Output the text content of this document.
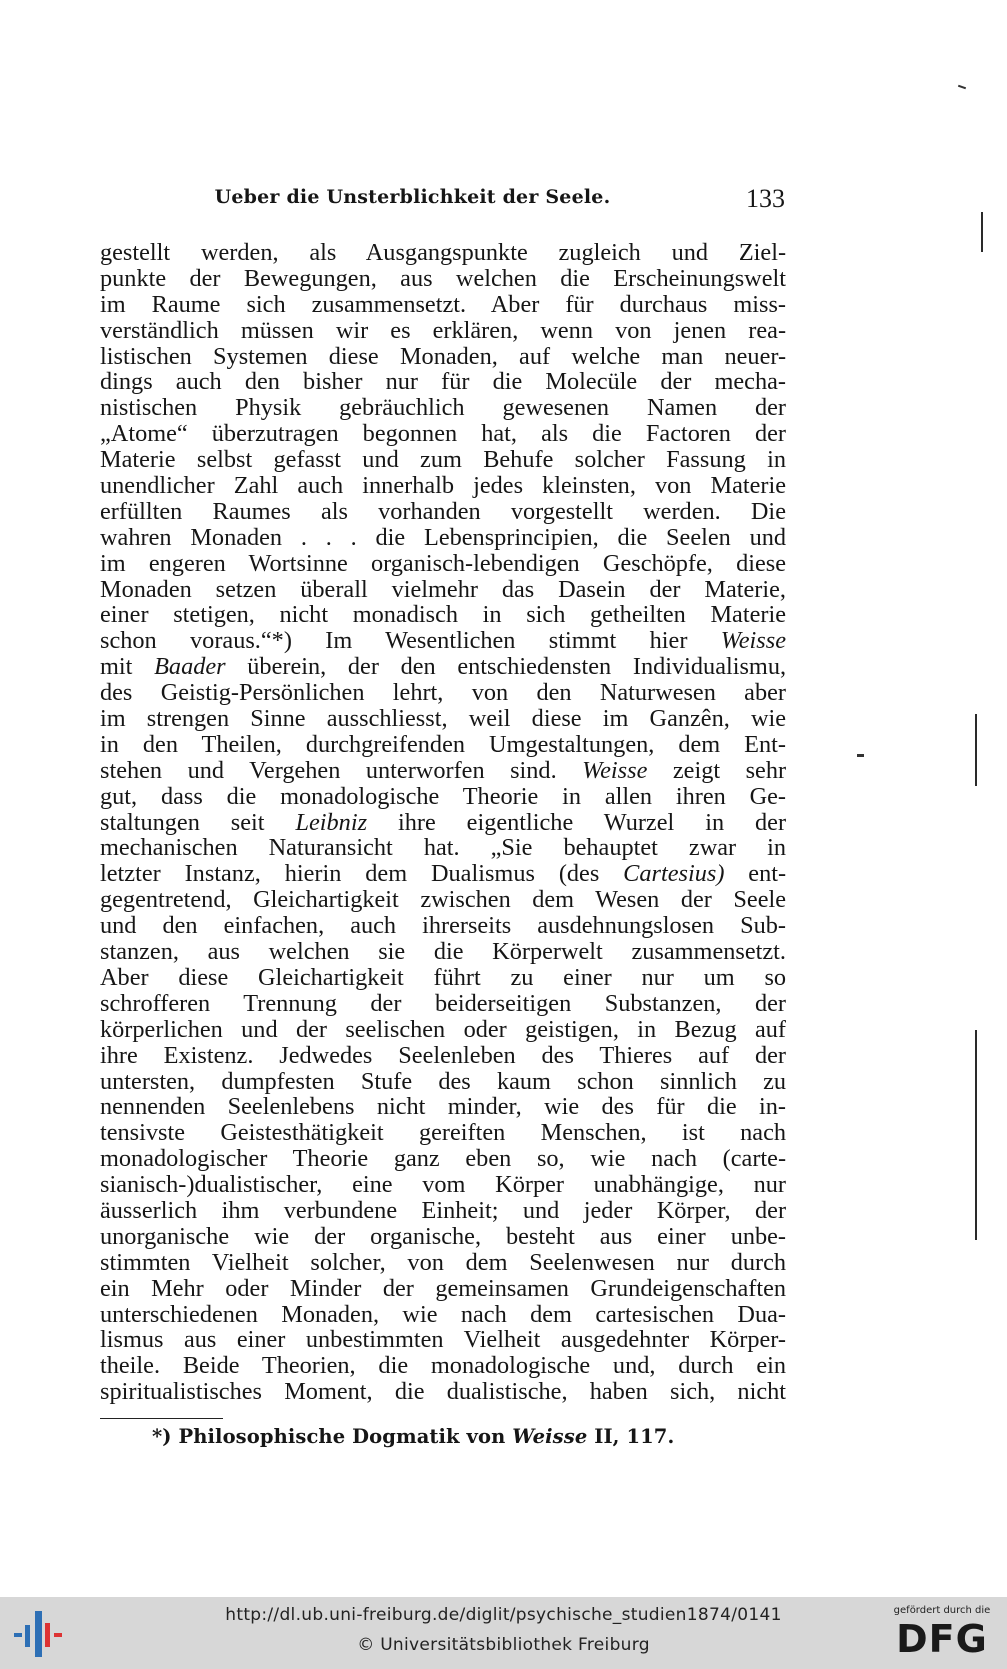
Ueber die Unsterblichkeit der Seele.	133
gestellt werden, als Ausgangspunkte zugleich und Ziel-
punkte der Bewegungen, aus welchen die Erscheinungswelt
im Raume sich zusammensetzt. Aber für durchaus miss-
verständlich müssen wir es erklären, wenn von jenen rea-
listischen Systemen diese Monaden, auf welche man neuer-
dings auch den bisher nur für die Molecüle der mecha-
nistischen Physik gebräuchlich gewesenen Namen der
„Atome“ überzutragen begonnen hat, als die Factoren der
Materie selbst gefasst und zum Behufe solcher Fassung in
unendlicher Zahl auch innerhalb jedes kleinsten, von Materie
erfüllten Raumes als vorhanden vorgestellt werden. Die
wahren Monaden . . . die Lebensprincipien, die Seelen und
im engeren Wortsinne organisch-lebendigen Geschöpfe, diese
Monaden setzen überall vielmehr das Dasein der Materie,
einer stetigen, nicht monadisch in sich getheilten Materie
schon voraus.“*) Im Wesentlichen stimmt hier Weisse
mit Baader überein, der den entschiedensten Individualismu,
des Geistig-Persönlichen lehrt, von den Naturwesen aber
im strengen Sinne ausschliesst, weil diese im Ganzên, wie
in den Theilen, durchgreifenden Umgestaltungen, dem Ent-
stehen und Vergehen unterworfen sind. Weisse zeigt sehr
gut, dass die monadologische Theorie in allen ihren Ge-
staltungen seit Leibniz ihre eigentliche Wurzel in der
mechanischen Naturansicht hat. „Sie behauptet zwar in
letzter Instanz, hierin dem Dualismus (des Cartesius) ent-
gegentretend, Gleichartigkeit zwischen dem Wesen der Seele
und den einfachen, auch ihrerseits ausdehnungslosen Sub-
stanzen, aus welchen sie die Körperwelt zusammensetzt.
Aber diese Gleichartigkeit führt zu einer nur um so
schrofferen Trennung der beiderseitigen Substanzen, der
körperlichen und der seelischen oder geistigen, in Bezug auf
ihre Existenz. Jedwedes Seelenleben des Thieres auf der
untersten, dumpfesten Stufe des kaum schon sinnlich zu
nennenden Seelenlebens nicht minder, wie des für die in-
tensivste Geistesthätigkeit gereiften Menschen, ist nach
monadologischer Theorie ganz eben so, wie nach (carte-
sianisch-)dualistischer, eine vom Körper unabhängige, nur
äusserlich ihm verbundene Einheit; und jeder Körper, der
unorganische wie der organische, besteht aus einer unbe-
stimmten Vielheit solcher, von dem Seelenwesen nur durch
ein Mehr oder Minder der gemeinsamen Grundeigenschaften
unterschiedenen Monaden, wie nach dem cartesischen Dua-
lismus aus einer unbestimmten Vielheit ausgedehnter Körper-
theile. Beide Theorien, die monadologische und, durch ein
spiritualistisches Moment, die dualistische, haben sich, nicht
*) Philosophische Dogmatik von Weisse II, 117.
http://dl.ub.uni-freiburg.de/diglit/psychische_studien1874/0141
© Universitätsbibliothek Freiburg
gefördert durch die
DFG
